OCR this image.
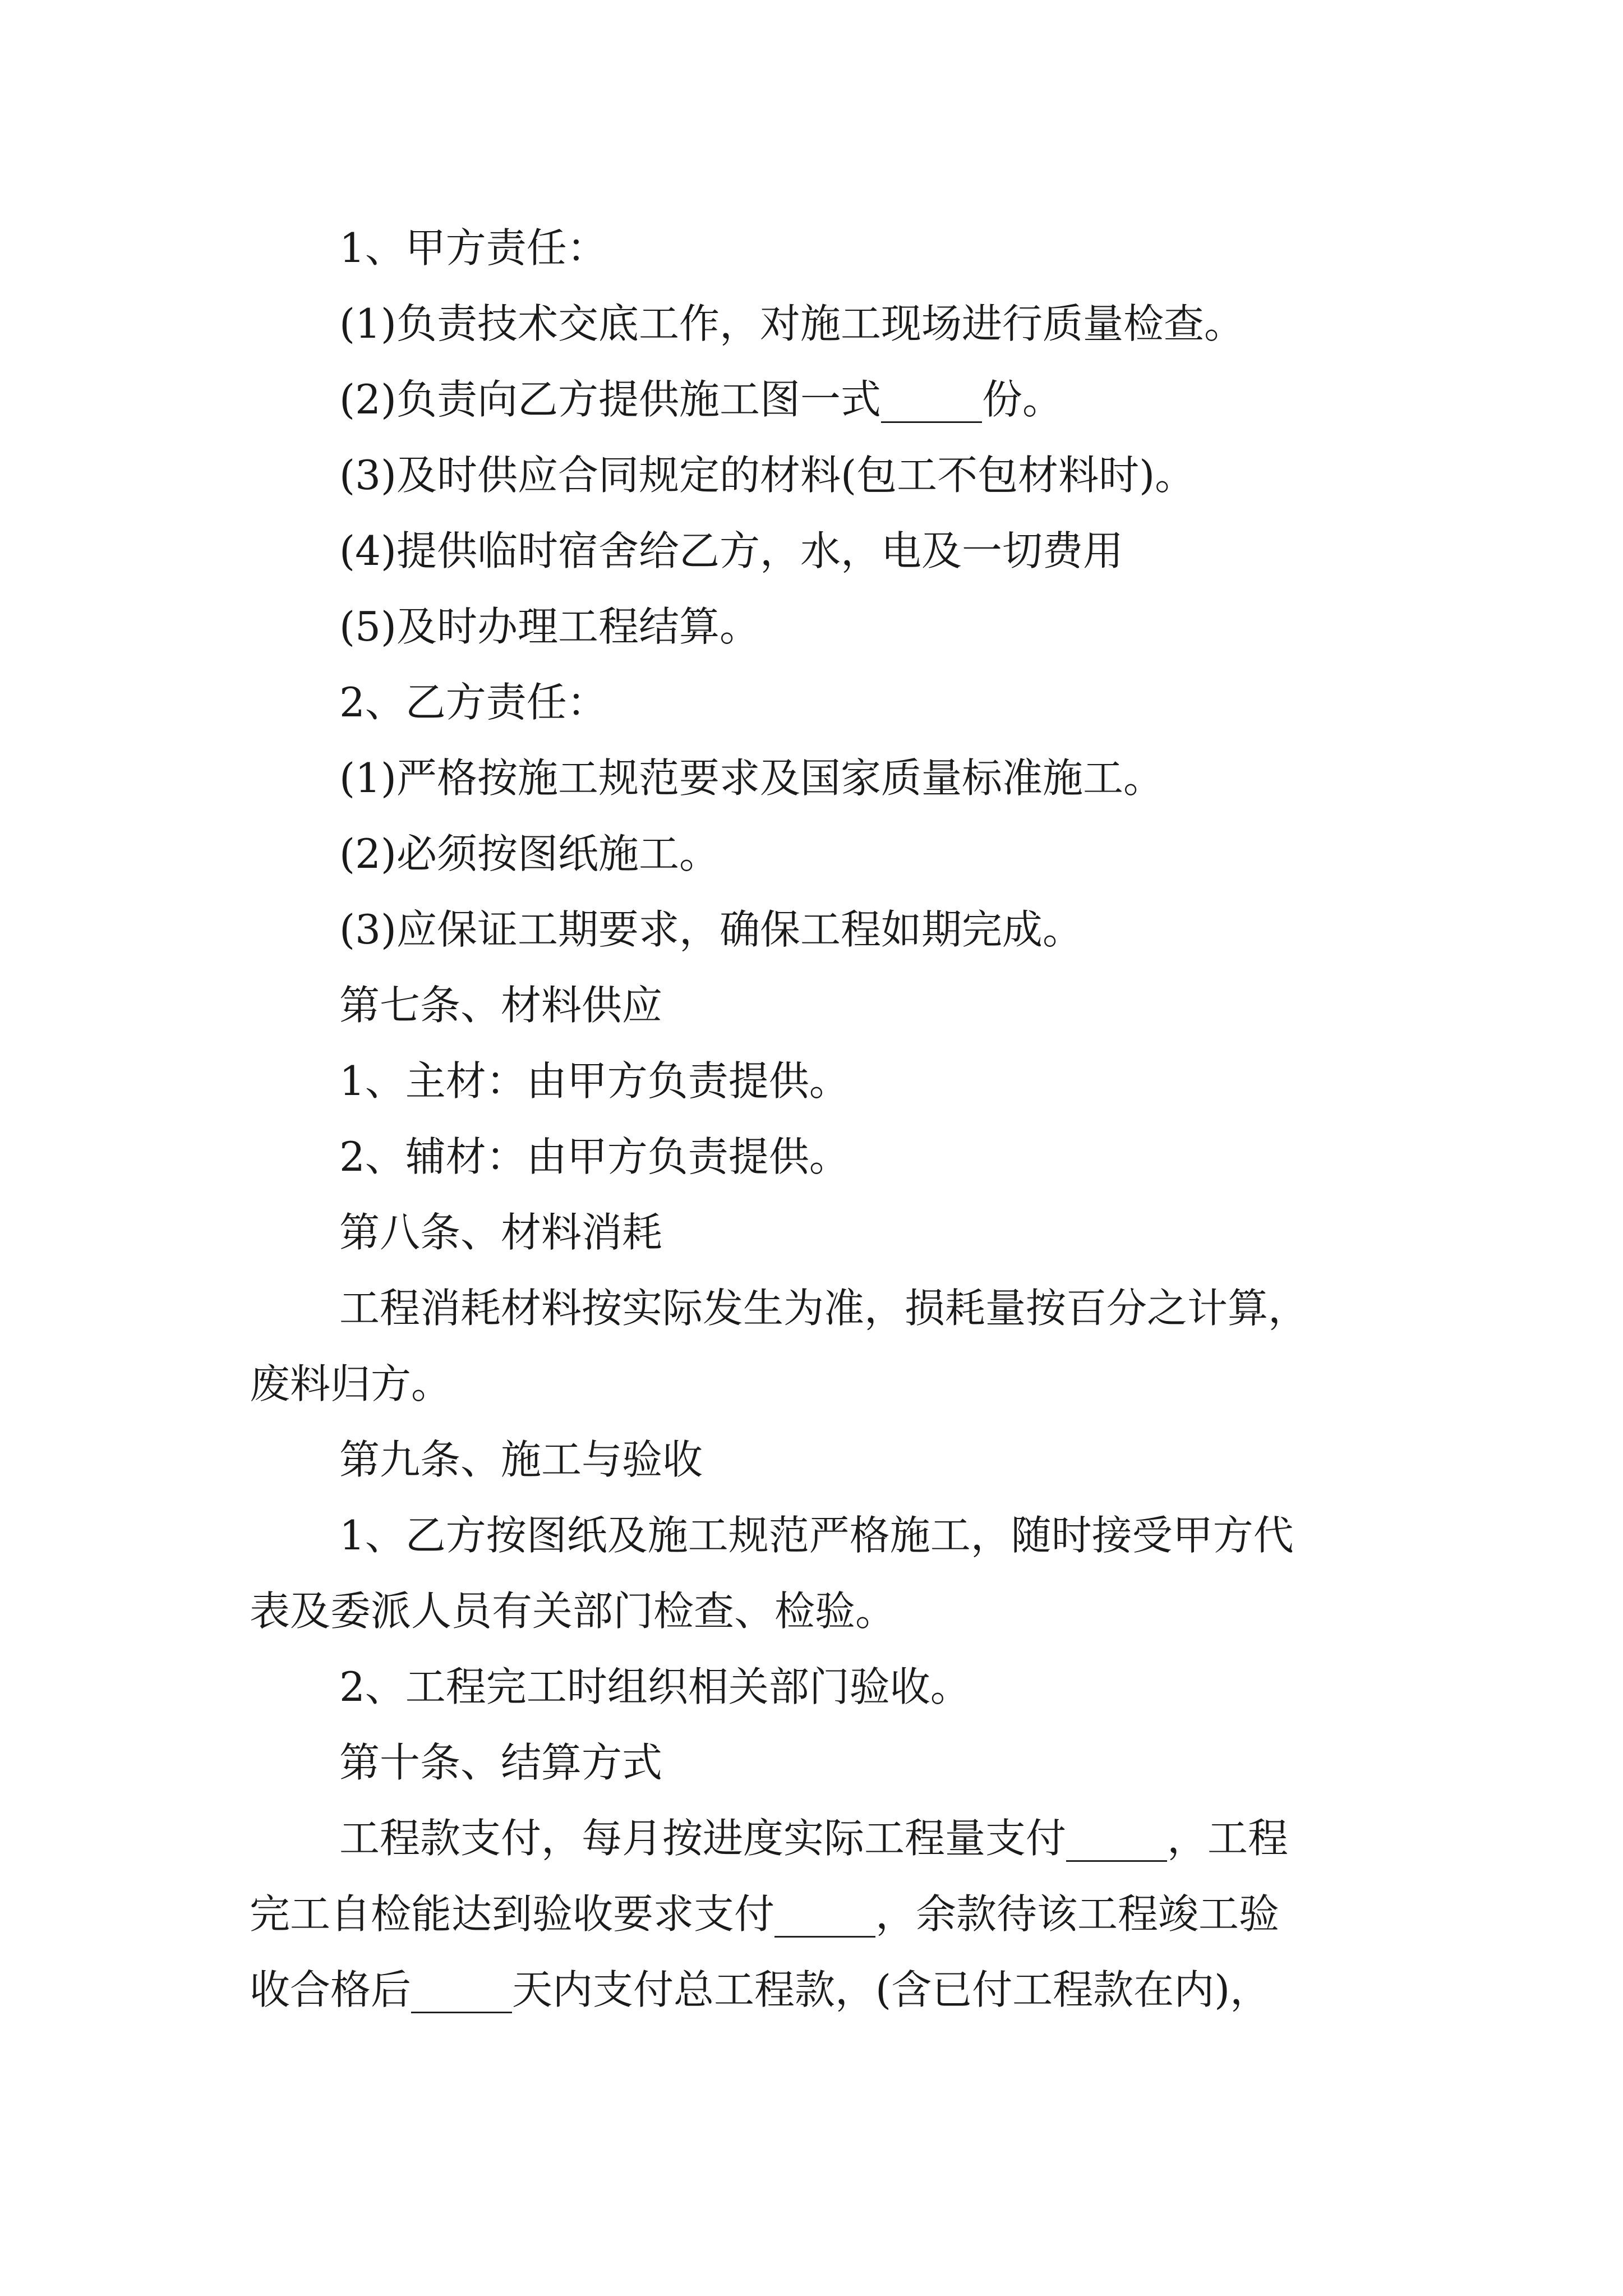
1、甲方责任：
(1)负责技术交底工作，对施工现场进行质量检查。
(2)负责向乙方提供施工图一式_____份。
(3)及时供应合同规定的材料(包工不包材料时)。
(4)提供临时宿舍给乙方，水，电及一切费用
(5)及时办理工程结算。
2、乙方责任：
(1)严格按施工规范要求及国家质量标准施工。
(2)必须按图纸施工。
(3)应保证工期要求，确保工程如期完成。
第七条、材料供应
1、主材：由甲方负责提供。
2、辅材：由甲方负责提供。
第八条、材料消耗
工程消耗材料按实际发生为准，损耗量按百分之计算，
废料归方。
第九条、施工与验收
1、乙方按图纸及施工规范严格施工，随时接受甲方代
表及委派人员有关部门检查、检验。
2、工程完工时组织相关部门验收。
第十条、结算方式
工程款支付，每月按进度实际工程量支付_____，工程
完工自检能达到验收要求支付_____，余款待该工程竣工验
收合格后_____天内支付总工程款，(含已付工程款在内)，
